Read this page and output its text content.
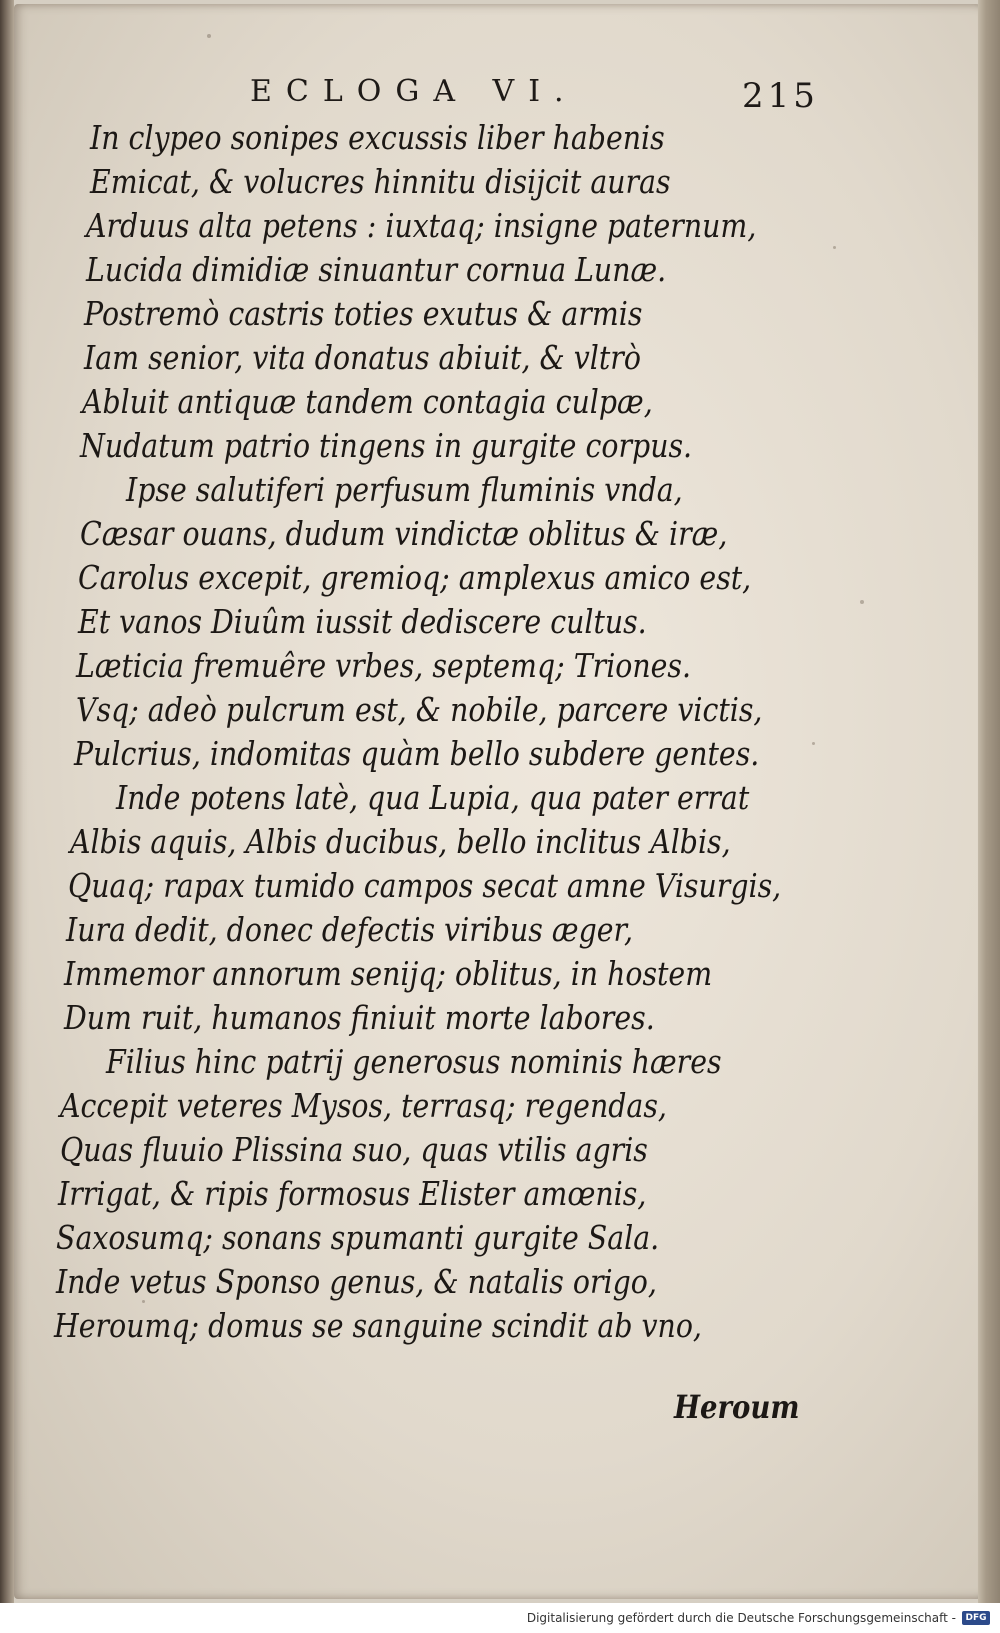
ECLOGA VI.	215
In clypeo sonipes excussis liber habenis
Emicat, & volucres hinnitu disijcit auras
Arduus alta petens : iuxtaq; insigne paternum,
Lucida dimidiæ sinuantur cornua Lunæ.
Postremò castris toties exutus & armis
Iam senior, vita donatus abiuit, & vltrò
Abluit antiquæ tandem contagia culpæ,
Nudatum patrio tingens in gurgite corpus.
Ipse salutiferi perfusum fluminis vnda,
Cæsar ouans, dudum vindictæ oblitus & iræ,
Carolus excepit, gremioq; amplexus amico est,
Et vanos Diuûm iussit dediscere cultus.
Læticia fremuêre vrbes, septemq; Triones.
Vsq; adeò pulcrum est, & nobile, parcere victis,
Pulcrius, indomitas quàm bello subdere gentes.
Inde potens latè, qua Lupia, qua pater errat
Albis aquis, Albis ducibus, bello inclitus Albis,
Quaq; rapax tumido campos secat amne Visurgis,
Iura dedit, donec defectis viribus æger,
Immemor annorum senijq; oblitus, in hostem
Dum ruit, humanos finiuit morte labores.
Filius hinc patrij generosus nominis hæres
Accepit veteres Mysos, terrasq; regendas,
Quas fluuio Plissina suo, quas vtilis agris
Irrigat, & ripis formosus Elister amœnis,
Saxosumq; sonans spumanti gurgite Sala.
Inde vetus Sponso genus, & natalis origo,
Heroumq; domus se sanguine scindit ab vno,
Heroum
Digitalisierung gefördert durch die Deutsche Forschungsgemeinschaft -	DFG
